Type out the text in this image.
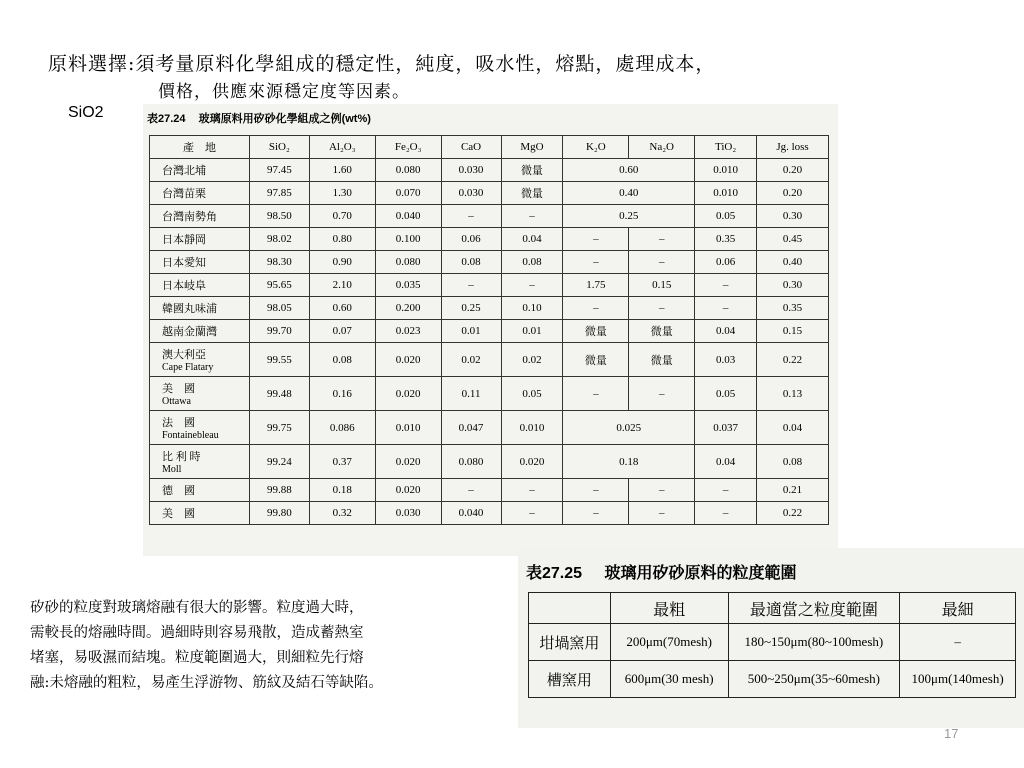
原料選擇:須考量原料化學組成的穩定性，純度，吸水性，熔點，處理成本，
價格，供應來源穩定度等因素。
SiO2	表27.24 玻璃原料用矽砂化學組成之例(wt%)
產　地	SiO₂	Al₂O₃	Fe₂O₃	CaO	MgO	K₂O	Na₂O	TiO₂	Jg. loss
台灣北埔	97.45	1.60	0.080	0.030	微量	0.60		0.010	0.20
台灣苗栗	97.85	1.30	0.070	0.030	微量	0.40		0.010	0.20
台灣南勢角	98.50	0.70	0.040	–	–	0.25		0.05	0.30
日本靜岡	98.02	0.80	0.100	0.06	0.04	–	–	0.35	0.45
日本愛知	98.30	0.90	0.080	0.08	0.08	–	–	0.06	0.40
日本岐阜	95.65	2.10	0.035	–	–	1.75	0.15	–	0.30
韓國丸味浦	98.05	0.60	0.200	0.25	0.10	–	–	–	0.35
越南金蘭灣	99.70	0.07	0.023	0.01	0.01	微量	微量	0.04	0.15
澳大利亞
Cape Flatary	99.55	0.08	0.020	0.02	0.02	微量	微量	0.03	0.22
美　國
Ottawa	99.48	0.16	0.020	0.11	0.05	–	–	0.05	0.13
法　國
Fontainebleau	99.75	0.086	0.010	0.047	0.010	0.025		0.037	0.04
比 利 時
Moll	99.24	0.37	0.020	0.080	0.020	0.18		0.04	0.08
德　國	99.88	0.18	0.020	–	–	–	–	–	0.21
美　國	99.80	0.32	0.030	0.040	–	–	–	–	0.22
矽砂的粒度對玻璃熔融有很大的影響。粒度過大時，
需較長的熔融時間。過細時則容易飛散，造成蓄熱室
堵塞，易吸濕而結塊。粒度範圍過大，則細粒先行熔
融:未熔融的粗粒，易產生浮游物、筋紋及結石等缺陷。
表27.25 玻璃用矽砂原料的粒度範圍
	最粗	最適當之粒度範圍	最細
坩堝窯用	200μm(70mesh)	180~150μm(80~100mesh)	–
槽窯用	600μm(30 mesh)	500~250μm(35~60mesh)	100μm(140mesh)
17
